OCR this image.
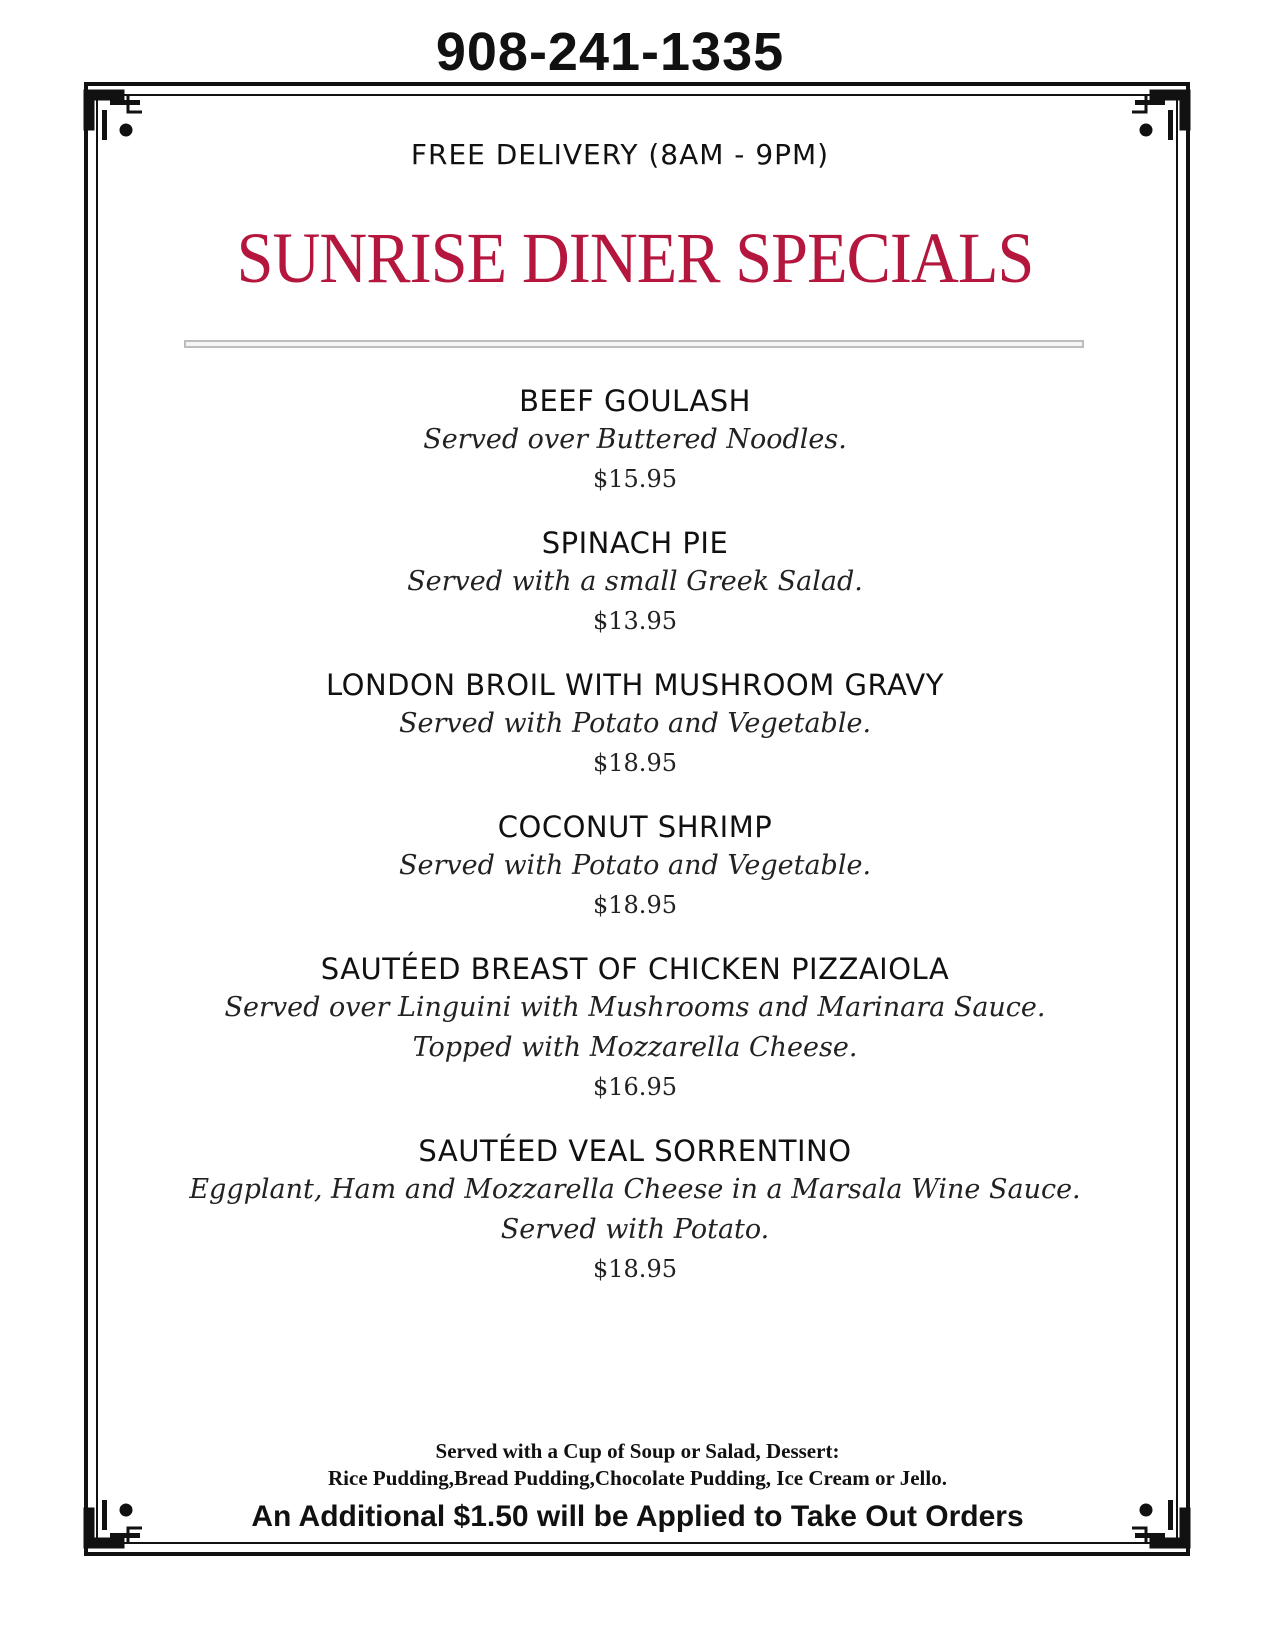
908-241-1335
FREE DELIVERY (8AM - 9PM)
SUNRISE DINER SPECIALS
BEEF GOULASH
Served over Buttered Noodles.
$15.95
SPINACH PIE
Served with a small Greek Salad.
$13.95
LONDON BROIL WITH MUSHROOM GRAVY
Served with Potato and Vegetable.
$18.95
COCONUT SHRIMP
Served with Potato and Vegetable.
$18.95
SAUTÉED BREAST OF CHICKEN PIZZAIOLA
Served over Linguini with Mushrooms and Marinara Sauce.
Topped with Mozzarella Cheese.
$16.95
SAUTÉED VEAL SORRENTINO
Eggplant, Ham and Mozzarella Cheese in a Marsala Wine Sauce.
Served with Potato.
$18.95
Served with a Cup of Soup or Salad, Dessert:
Rice Pudding,Bread Pudding,Chocolate Pudding, Ice Cream or Jello.
An Additional $1.50 will be Applied to Take Out Orders
